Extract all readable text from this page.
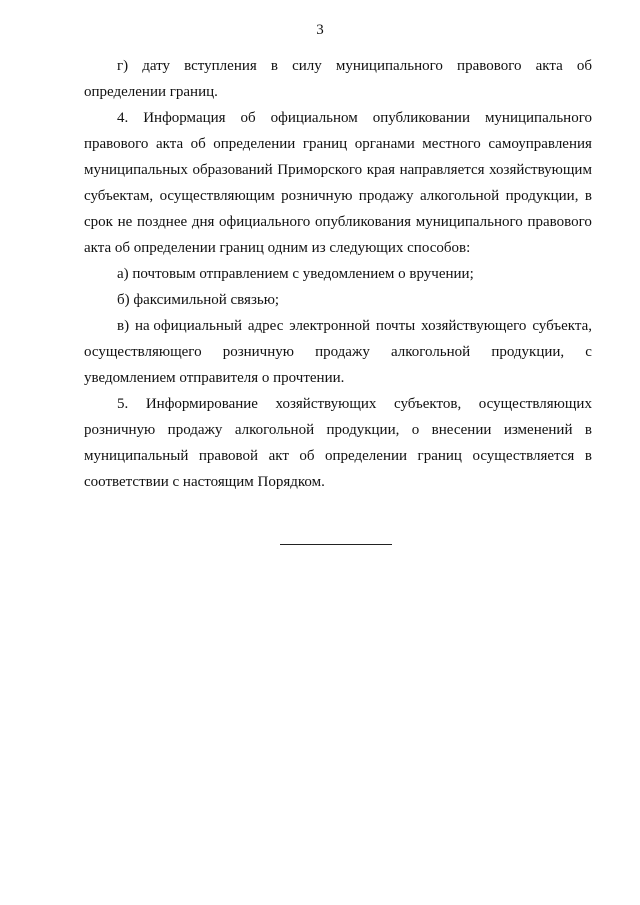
3
г) дату вступления в силу муниципального правового акта об
определении границ.
4. Информация об официальном опубликовании муниципального
правового акта об определении границ органами местного самоуправления
муниципальных образований Приморского края направляется хозяйствующим
субъектам, осуществляющим розничную продажу алкогольной продукции, в
срок не позднее дня официального опубликования муниципального правового
акта об определении границ одним из следующих способов:
а) почтовым отправлением с уведомлением о вручении;
б) факсимильной связью;
в) на официальный адрес электронной почты хозяйствующего субъекта,
осуществляющего розничную продажу алкогольной продукции, с
уведомлением отправителя о прочтении.
5. Информирование хозяйствующих субъектов, осуществляющих
розничную продажу алкогольной продукции, о внесении изменений в
муниципальный правовой акт об определении границ осуществляется в
соответствии с настоящим Порядком.
